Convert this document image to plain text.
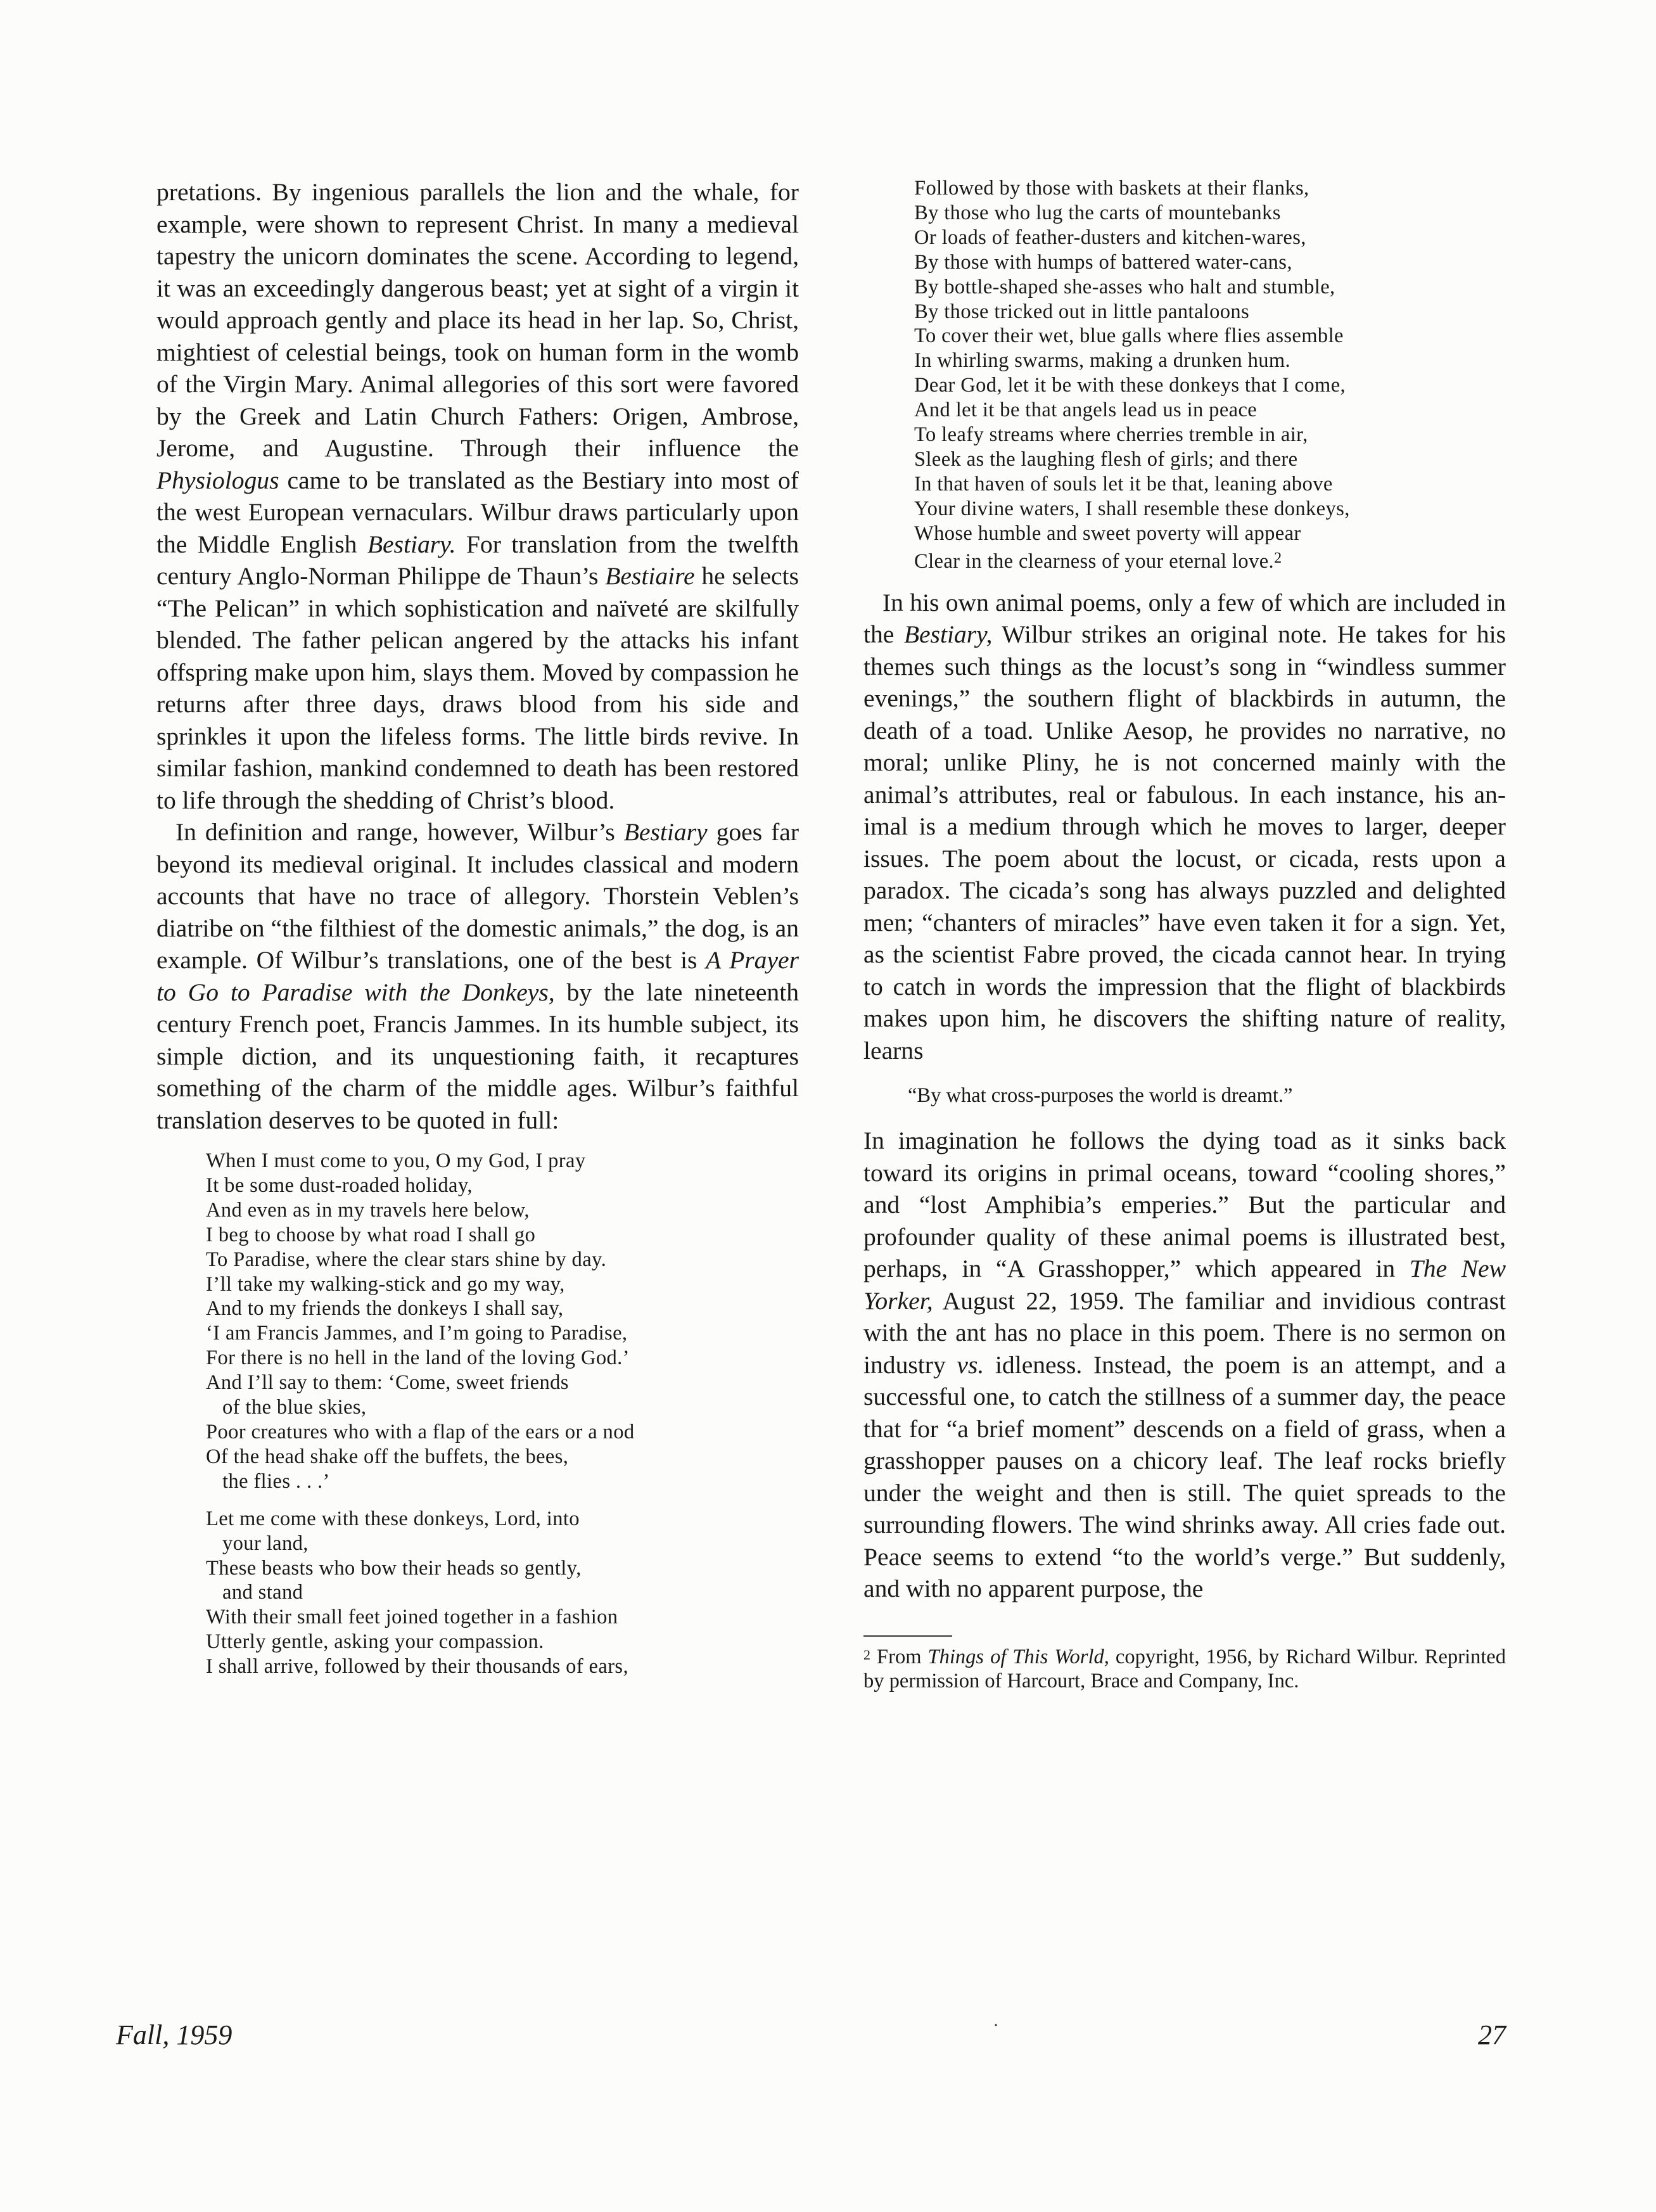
pretations. By ingenious parallels the lion and the whale, for example, were shown to represent Christ. In many a medieval tapestry the unicorn dominates the scene. According to legend, it was an exceedingly dangerous beast; yet at sight of a virgin it would approach gently and place its head in her lap. So, Christ, mightiest of celestial beings, took on human form in the womb of the Virgin Mary. Animal allegories of this sort were favored by the Greek and Latin Church Fathers: Origen, Ambrose, Jerome, and Augustine. Through their influence the Physiologus came to be translated as the Bestiary into most of the west European vernaculars. Wilbur draws particularly upon the Middle English Bestiary. For translation from the twelfth century Anglo-Norman Philippe de Thaun’s Bestiaire he selects “The Pelican” in which sophistication and naïveté are skilfully blended. The father pelican angered by the attacks his infant offspring make upon him, slays them. Moved by compassion he returns after three days, draws blood from his side and sprinkles it upon the lifeless forms. The little birds revive. In similar fashion, mankind condemned to death has been restored to life through the shedding of Christ’s blood.

In definition and range, however, Wilbur’s Bestiary goes far beyond its medieval original. It includes classical and modern accounts that have no trace of allegory. Thorstein Veblen’s diatribe on “the filthiest of the domestic animals,” the dog, is an example. Of Wilbur’s translations, one of the best is A Prayer to Go to Paradise with the Donkeys, by the late nineteenth century French poet, Francis Jammes. In its humble subject, its simple diction, and its unquestioning faith, it recaptures something of the charm of the middle ages. Wilbur’s faithful translation deserves to be quoted in full:

When I must come to you, O my God, I pray
It be some dust-roaded holiday,
And even as in my travels here below,
I beg to choose by what road I shall go
To Paradise, where the clear stars shine by day.
I’ll take my walking-stick and go my way,
And to my friends the donkeys I shall say,
‘I am Francis Jammes, and I’m going to Paradise,
For there is no hell in the land of the loving God.’
And I’ll say to them: ‘Come, sweet friends
of the blue skies,
Poor creatures who with a flap of the ears or a nod
Of the head shake off the buffets, the bees,
the flies . . .’
Let me come with these donkeys, Lord, into
your land,
These beasts who bow their heads so gently,
and stand
With their small feet joined together in a fashion
Utterly gentle, asking your compassion.
I shall arrive, followed by their thousands of ears,
Followed by those with baskets at their flanks,
By those who lug the carts of mountebanks
Or loads of feather-dusters and kitchen-wares,
By those with humps of battered water-cans,
By bottle-shaped she-asses who halt and stumble,
By those tricked out in little pantaloons
To cover their wet, blue galls where flies assemble
In whirling swarms, making a drunken hum.
Dear God, let it be with these donkeys that I come,
And let it be that angels lead us in peace
To leafy streams where cherries tremble in air,
Sleek as the laughing flesh of girls; and there
In that haven of souls let it be that, leaning above
Your divine waters, I shall resemble these donkeys,
Whose humble and sweet poverty will appear
Clear in the clearness of your eternal love.$^2$

In his own animal poems, only a few of which are included in the Bestiary, Wilbur strikes an original note. He takes for his themes such things as the locust’s song in “windless summer evenings,” the southern flight of blackbirds in autumn, the death of a toad. Unlike Aesop, he provides no narrative, no moral; unlike Pliny, he is not concerned mainly with the animal’s attributes, real or fabulous. In each instance, his animal is a medium through which he moves to larger, deeper issues. The poem about the locust, or cicada, rests upon a paradox. The cicada’s song has always puzzled and delighted men; “chanters of miracles” have even taken it for a sign. Yet, as the scientist Fabre proved, the cicada cannot hear. In trying to catch in words the impression that the flight of blackbirds makes upon him, he discovers the shifting nature of reality, learns

“By what cross-purposes the world is dreamt.”

In imagination he follows the dying toad as it sinks back toward its origins in primal oceans, toward “cooling shores,” and “lost Amphibia’s emperies.” But the particular and profounder quality of these animal poems is illustrated best, perhaps, in “A Grasshopper,” which appeared in The New Yorker, August 22, 1959. The familiar and invidious contrast with the ant has no place in this poem. There is no sermon on industry vs. idleness. Instead, the poem is an attempt, and a successful one, to catch the stillness of a summer day, the peace that for “a brief moment” descends on a field of grass, when a grasshopper pauses on a chicory leaf. The leaf rocks briefly under the weight and then is still. The quiet spreads to the surrounding flowers. The wind shrinks away. All cries fade out. Peace seems to extend “to the world’s verge.” But suddenly, and with no apparent purpose, the

$^2$ From Things of This World, copyright, 1956, by Richard Wilbur. Reprinted by permission of Harcourt, Brace and Company, Inc.
Fall, 1959	˙	27
